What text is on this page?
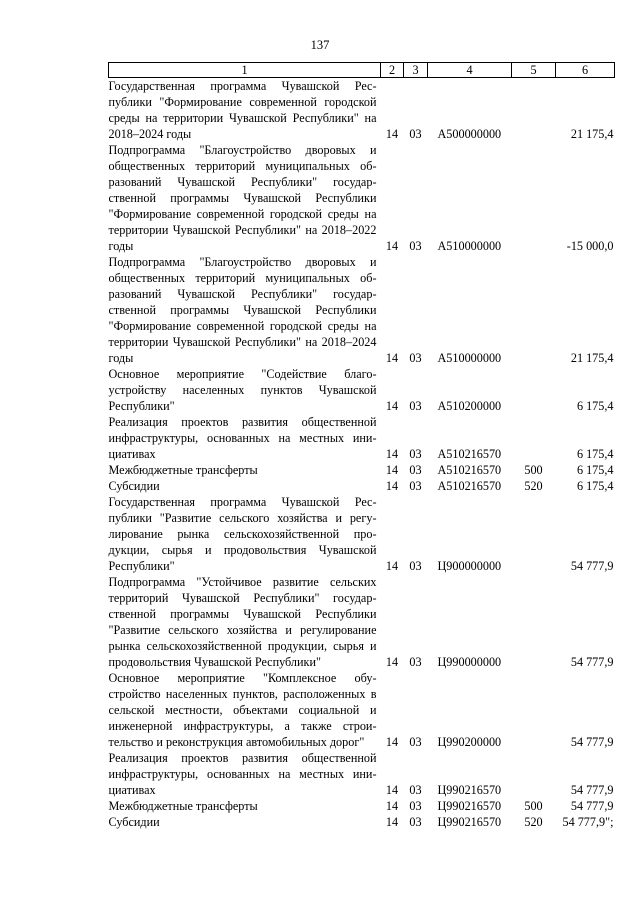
137
1	2	3	4	5	6
Государственная программа Чувашской Республики "Формирование современной городской среды на территории Чувашской Республики" на 2018–2024 годы	14	03	А500000000		21 175,4
Подпрограмма "Благоустройство дворовых и общественных территорий муниципальных образований Чувашской Республики" государственной программы Чувашской Республики "Формирование современной городской среды на территории Чувашской Республики" на 2018–2022 годы	14	03	А510000000		-15 000,0
Подпрограмма "Благоустройство дворовых и общественных территорий муниципальных образований Чувашской Республики" государственной программы Чувашской Республики "Формирование современной городской среды на территории Чувашской Республики" на 2018–2024 годы	14	03	А510000000		21 175,4
Основное мероприятие "Содействие благоустройству населенных пунктов Чувашской Республики"	14	03	А510200000		6 175,4
Реализация проектов развития общественной инфраструктуры, основанных на местных инициативах	14	03	А510216570		6 175,4
Межбюджетные трансферты	14	03	А510216570	500	6 175,4
Субсидии	14	03	А510216570	520	6 175,4
Государственная программа Чувашской Республики "Развитие сельского хозяйства и регулирование рынка сельскохозяйственной продукции, сырья и продовольствия Чувашской Республики"	14	03	Ц900000000		54 777,9
Подпрограмма "Устойчивое развитие сельских территорий Чувашской Республики" государственной программы Чувашской Республики "Развитие сельского хозяйства и регулирование рынка сельскохозяйственной продукции, сырья и продовольствия Чувашской Республики"	14	03	Ц990000000		54 777,9
Основное мероприятие "Комплексное обустройство населенных пунктов, расположенных в сельской местности, объектами социальной и инженерной инфраструктуры, а также строительство и реконструкция автомобильных дорог"	14	03	Ц990200000		54 777,9
Реализация проектов развития общественной инфраструктуры, основанных на местных инициативах	14	03	Ц990216570		54 777,9
Межбюджетные трансферты	14	03	Ц990216570	500	54 777,9
Субсидии	14	03	Ц990216570	520	54 777,9";
